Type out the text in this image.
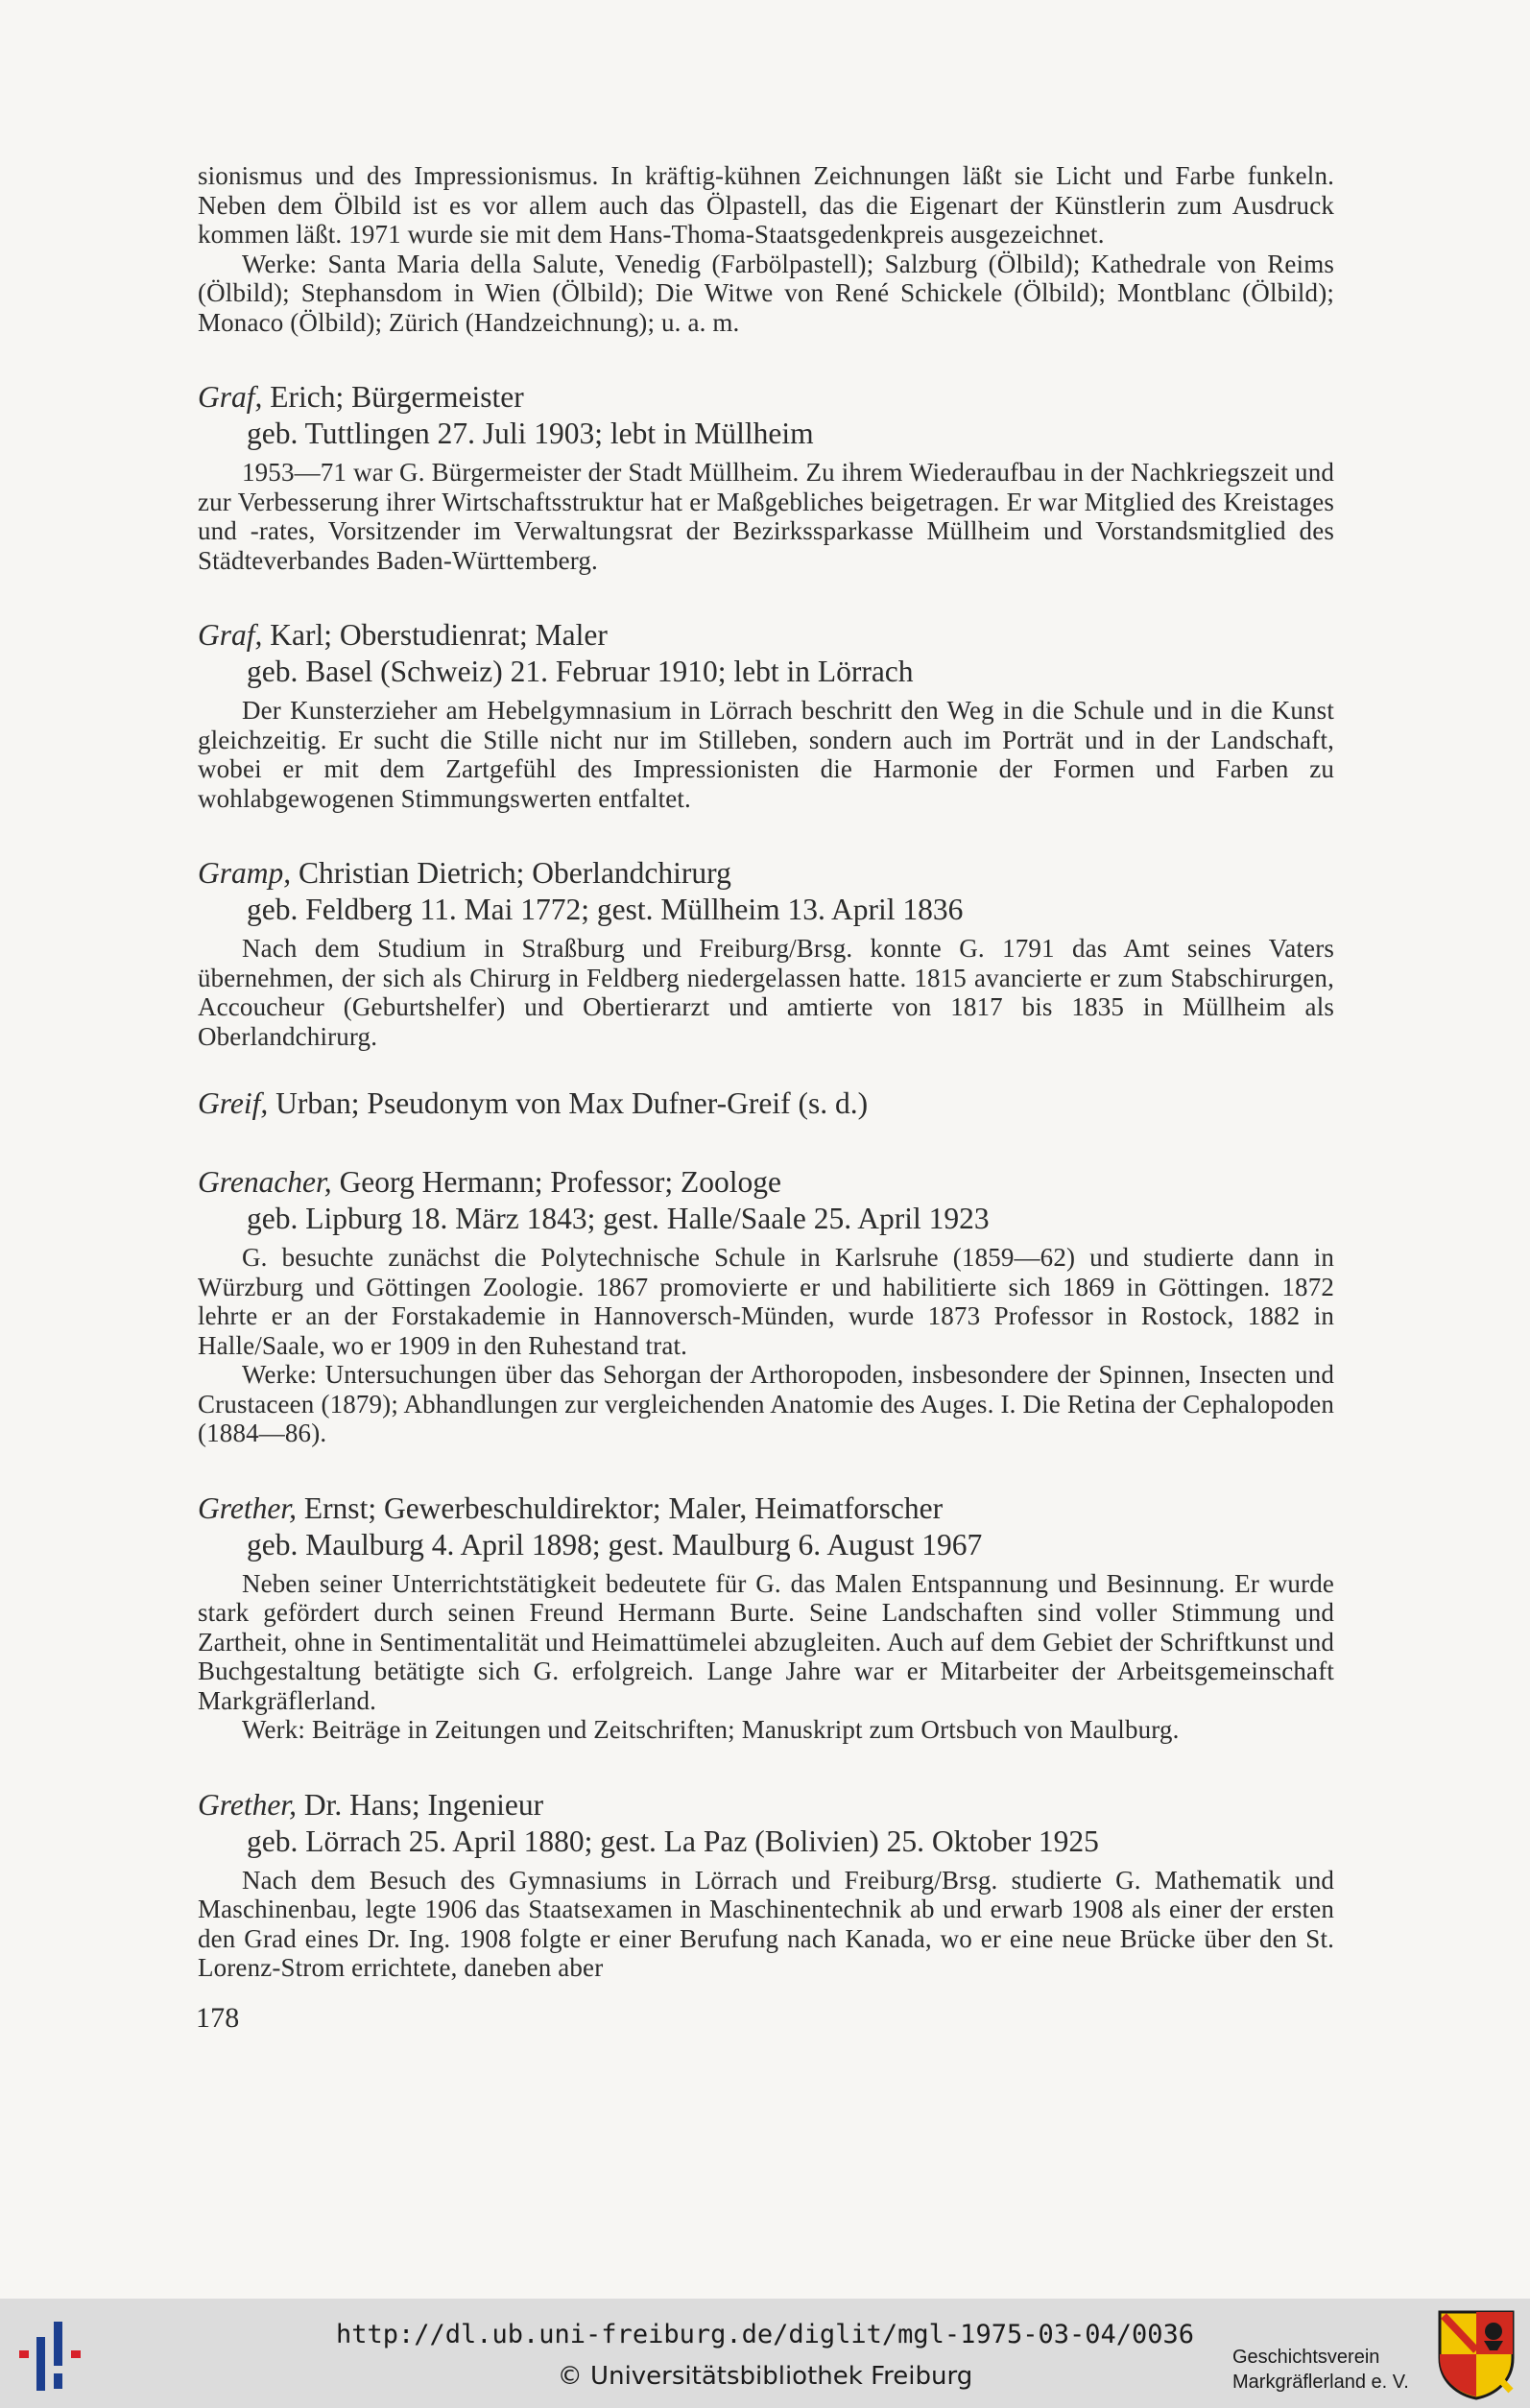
sionismus und des Impressionismus. In kräftig-kühnen Zeichnungen läßt sie Licht und Farbe funkeln. Neben dem Ölbild ist es vor allem auch das Ölpastell, das die Eigenart der Künstlerin zum Ausdruck kommen läßt. 1971 wurde sie mit dem Hans-Thoma-Staatsgedenkpreis ausgezeichnet.

Werke: Santa Maria della Salute, Venedig (Farbölpastell); Salzburg (Ölbild); Kathedrale von Reims (Ölbild); Stephansdom in Wien (Ölbild); Die Witwe von René Schickele (Ölbild); Montblanc (Ölbild); Monaco (Ölbild); Zürich (Handzeichnung); u. a. m.

Graf, Erich; Bürgermeister
geb. Tuttlingen 27. Juli 1903; lebt in Müllheim

1953—71 war G. Bürgermeister der Stadt Müllheim. Zu ihrem Wiederaufbau in der Nachkriegszeit und zur Verbesserung ihrer Wirtschaftsstruktur hat er Maßgebliches beigetragen. Er war Mitglied des Kreistages und -rates, Vorsitzender im Verwaltungsrat der Bezirkssparkasse Müllheim und Vorstandsmitglied des Städteverbandes Baden-Württemberg.

Graf, Karl; Oberstudienrat; Maler
geb. Basel (Schweiz) 21. Februar 1910; lebt in Lörrach

Der Kunsterzieher am Hebelgymnasium in Lörrach beschritt den Weg in die Schule und in die Kunst gleichzeitig. Er sucht die Stille nicht nur im Stilleben, sondern auch im Porträt und in der Landschaft, wobei er mit dem Zartgefühl des Impressionisten die Harmonie der Formen und Farben zu wohlabgewogenen Stimmungswerten entfaltet.

Gramp, Christian Dietrich; Oberlandchirurg
geb. Feldberg 11. Mai 1772; gest. Müllheim 13. April 1836

Nach dem Studium in Straßburg und Freiburg/Brsg. konnte G. 1791 das Amt seines Vaters übernehmen, der sich als Chirurg in Feldberg niedergelassen hatte. 1815 avancierte er zum Stabschirurgen, Accoucheur (Geburtshelfer) und Obertierarzt und amtierte von 1817 bis 1835 in Müllheim als Oberlandchirurg.

Greif, Urban; Pseudonym von Max Dufner-Greif (s. d.)
Grenacher, Georg Hermann; Professor; Zoologe
geb. Lipburg 18. März 1843; gest. Halle/Saale 25. April 1923

G. besuchte zunächst die Polytechnische Schule in Karlsruhe (1859—62) und studierte dann in Würzburg und Göttingen Zoologie. 1867 promovierte er und habilitierte sich 1869 in Göttingen. 1872 lehrte er an der Forstakademie in Hannoversch-Münden, wurde 1873 Professor in Rostock, 1882 in Halle/Saale, wo er 1909 in den Ruhestand trat.

Werke: Untersuchungen über das Sehorgan der Arthoropoden, insbesondere der Spinnen, Insecten und Crustaceen (1879); Abhandlungen zur vergleichenden Anatomie des Auges. I. Die Retina der Cephalopoden (1884—86).

Grether, Ernst; Gewerbeschuldirektor; Maler, Heimatforscher
geb. Maulburg 4. April 1898; gest. Maulburg 6. August 1967

Neben seiner Unterrichtstätigkeit bedeutete für G. das Malen Entspannung und Besinnung. Er wurde stark gefördert durch seinen Freund Hermann Burte. Seine Landschaften sind voller Stimmung und Zartheit, ohne in Sentimentalität und Heimattümelei abzugleiten. Auch auf dem Gebiet der Schriftkunst und Buchgestaltung betätigte sich G. erfolgreich. Lange Jahre war er Mitarbeiter der Arbeitsgemeinschaft Markgräflerland.

Werk: Beiträge in Zeitungen und Zeitschriften; Manuskript zum Ortsbuch von Maulburg.

Grether, Dr. Hans; Ingenieur
geb. Lörrach 25. April 1880; gest. La Paz (Bolivien) 25. Oktober 1925

Nach dem Besuch des Gymnasiums in Lörrach und Freiburg/Brsg. studierte G. Mathematik und Maschinenbau, legte 1906 das Staatsexamen in Maschinentechnik ab und erwarb 1908 als einer der ersten den Grad eines Dr. Ing. 1908 folgte er einer Berufung nach Kanada, wo er eine neue Brücke über den St. Lorenz-Strom errichtete, daneben aber

178

http://dl.ub.uni-freiburg.de/diglit/mgl-1975-03-04/0036
© Universitätsbibliothek Freiburg
Geschichtsverein
Markgräflerland e. V.
